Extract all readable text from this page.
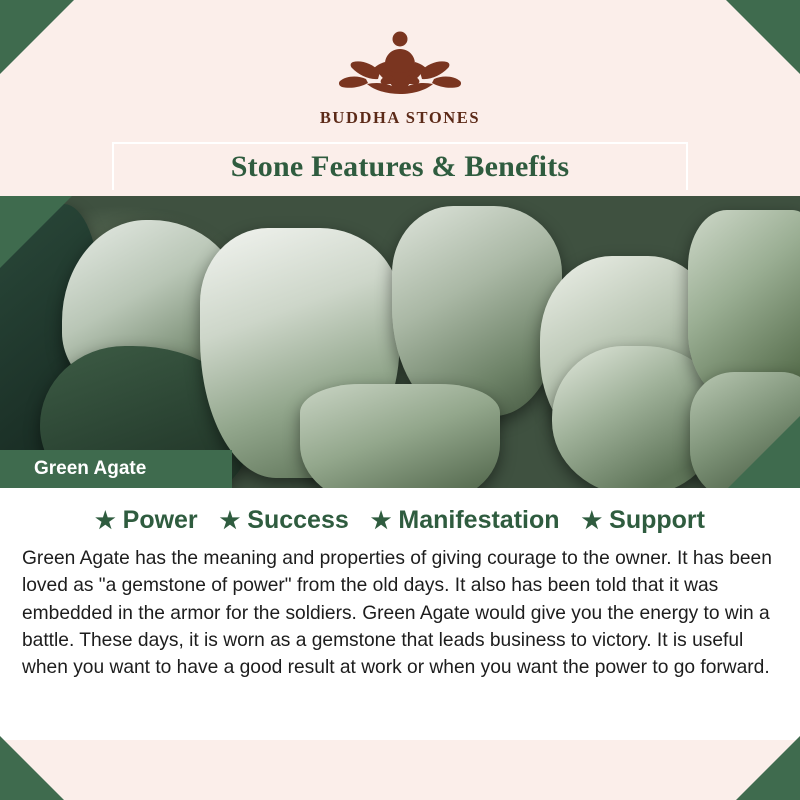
BUDDHA STONES
Stone Features & Benefits
Green Agate
★ Power ★ Success ★ Manifestation ★ Support

Green Agate has the meaning and properties of giving courage to the owner. It has been loved as "a gemstone of power" from the old days. It also has been told that it was embedded in the armor for the soldiers. Green Agate would give you the energy to win a battle. These days, it is worn as a gemstone that leads business to victory. It is useful when you want to have a good result at work or when you want the power to go forward.
